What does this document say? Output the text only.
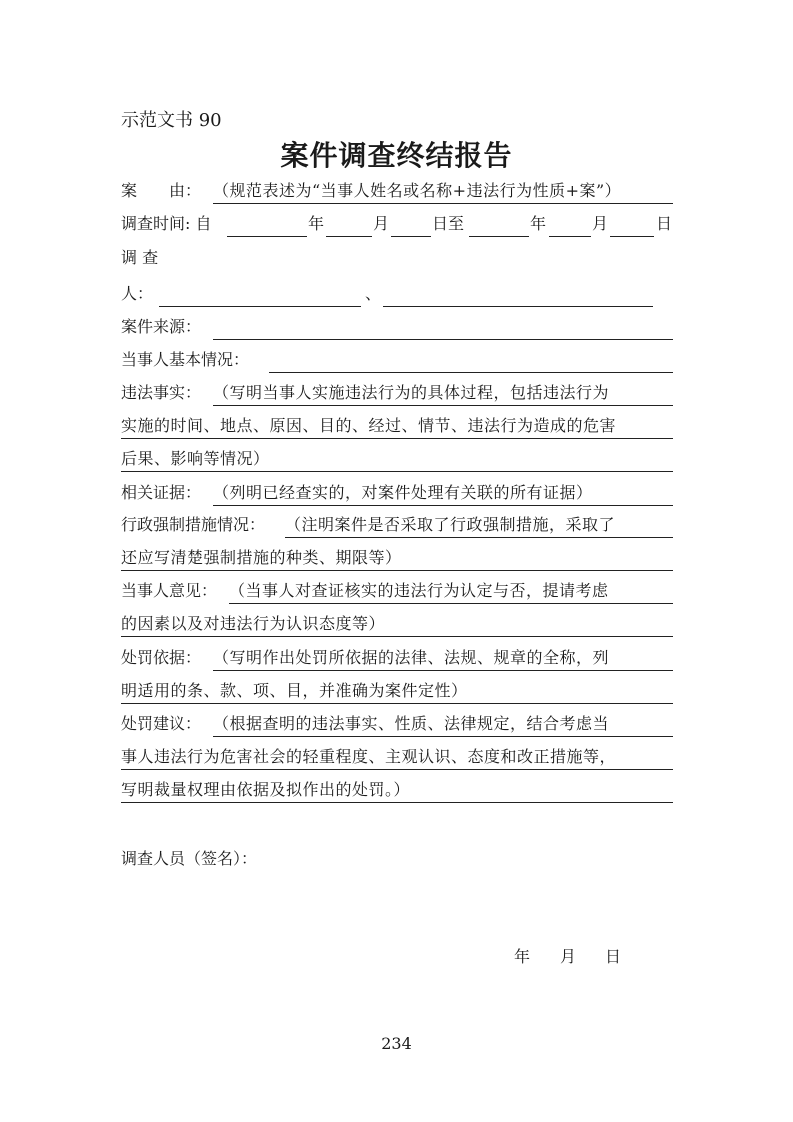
示范文书 90
案件调查终结报告
案　　由： （规范表述为“当事人姓名或名称+违法行为性质+案”）
调查时间: 自	年	月	日至	年	月	日
调 查
人：	、
案件来源：
当事人基本情况：
违法事实： （写明当事人实施违法行为的具体过程，包括违法行为
实施的时间、地点、原因、目的、经过、情节、违法行为造成的危害
后果、影响等情况）
相关证据： （列明已经查实的，对案件处理有关联的所有证据）
行政强制措施情况： （注明案件是否采取了行政强制措施，采取了
还应写清楚强制措施的种类、期限等）
当事人意见： （当事人对查证核实的违法行为认定与否，提请考虑
的因素以及对违法行为认识态度等）
处罚依据： （写明作出处罚所依据的法律、法规、规章的全称，列
明适用的条、款、项、目，并准确为案件定性）
处罚建议： （根据查明的违法事实、性质、法律规定，结合考虑当
事人违法行为危害社会的轻重程度、主观认识、态度和改正措施等，
写明裁量权理由依据及拟作出的处罚。）
调查人员（签名）：
年 月 日
234
